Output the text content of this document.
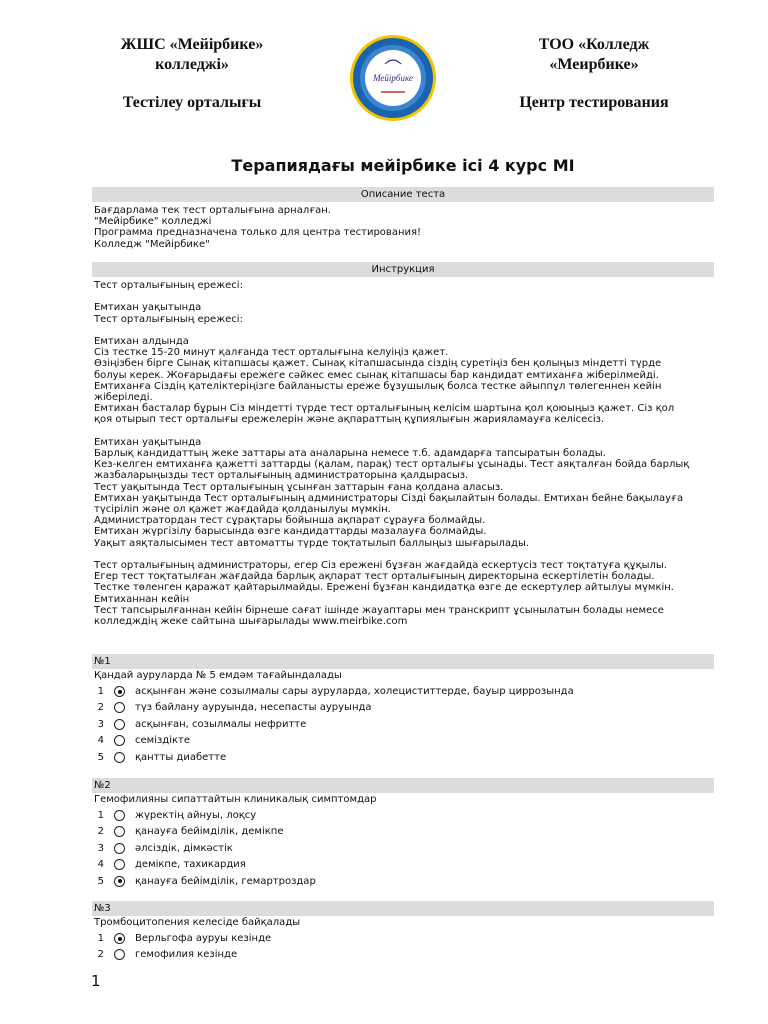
ЖШС «Мейірбике»
колледжі»
Тестілеу орталығы
Мейірбике
1996
ТОО «Колледж
«Меирбике»
Центр тестирования
Терапиядағы мейірбике ісі 4 курс MI
Описание теста
Бағдарлама тек тест орталығына арналған.
"Мейірбике" колледжі
Программа предназначена только для центра тестирования!
Колледж "Мейірбике"
Инструкция
Тест орталығының ережесі:
Емтихан уақытында
Тест орталығының ережесі:
Емтихан алдында
Сіз тестке 15-20 минут қалғанда тест орталығына келуіңіз қажет.
Өзіңізбен бірге Сынақ кітапшасы қажет. Сынақ кітапшасында сіздің суретіңіз бен қолыңыз міндетті түрде
болуы керек. Жоғарыдағы ережеге сәйкес емес сынақ кітапшасы бар кандидат емтиханға жіберілмейді.
Емтиханға Сіздің қателіктеріңізге байланысты ереже бұзушылық болса тестке айыппұл төлегеннен кейін
жіберіледі.
Емтихан басталар бұрын Сіз міндетті түрде тест орталығының келісім шартына қол қоюыңыз қажет. Сіз қол
қоя отырып тест орталығы ережелерін және ақпараттың құпиялығын жарияламауға келісесіз.
Емтихан уақытында
Барлық кандидаттың жеке заттары ата аналарына немесе т.б. адамдарға тапсыратын болады.
Кез-келген емтиханға қажетті заттарды (қалам, парақ) тест орталығы ұсынады. Тест аяқталған бойда барлық
жазбаларыңызды тест орталығының администраторына қалдырасыз.
Тест уақытында Тест орталығының ұсынған заттарын ғана қолдана аласыз.
Емтихан уақытында Тест орталығының администраторы Сізді бақылайтын болады. Емтихан бейне бақылауға
түсіріліп және ол қажет жағдайда қолданылуы мүмкін.
Администратордан тест сұрақтары бойынша ақпарат сұрауға болмайды.
Емтихан жүргізілу барысында өзге кандидаттарды мазалауға болмайды.
Уақыт аяқталысымен тест автоматты түрде тоқтатылып баллыңыз шығарылады.
Тест орталығының администраторы, егер Сіз ережені бұзған жағдайда ескертусіз тест тоқтатуға құқылы.
Егер тест тоқтатылған жағдайда барлық ақпарат тест орталығының директорына ескертілетін болады.
Тестке төленген қаражат қайтарылмайды. Ережені бұзған кандидатқа өзге де ескертулер айтылуы мүмкін.
Емтиханнан кейін
Тест тапсырылғаннан кейін бірнеше сағат ішінде жауаптары мен транскрипт ұсынылатын болады немесе
колледждің жеке сайтына шығарылады www.meirbike.com
№1
Қандай ауруларда № 5 емдәм тағайындалады
1	асқынған және созылмалы сары ауруларда, холециститтерде, бауыр циррозында
2	түз байлану ауруында, несепасты ауруында
3	асқынған, созылмалы нефритте
4	семіздікте
5	қантты диабетте
№2
Гемофилияны сипаттайтын клиникалық симптомдар
1	жүректің айнуы, лоқсу
2	қанауға бейімділік, демікпе
3	әлсіздік, дімкәстік
4	демікпе, тахикардия
5	қанауға бейімділік, гемартроздар
№3
Тромбоцитопения келесіде байқалады
1	Верльгофа ауруы кезінде
2	гемофилия кезінде
1
